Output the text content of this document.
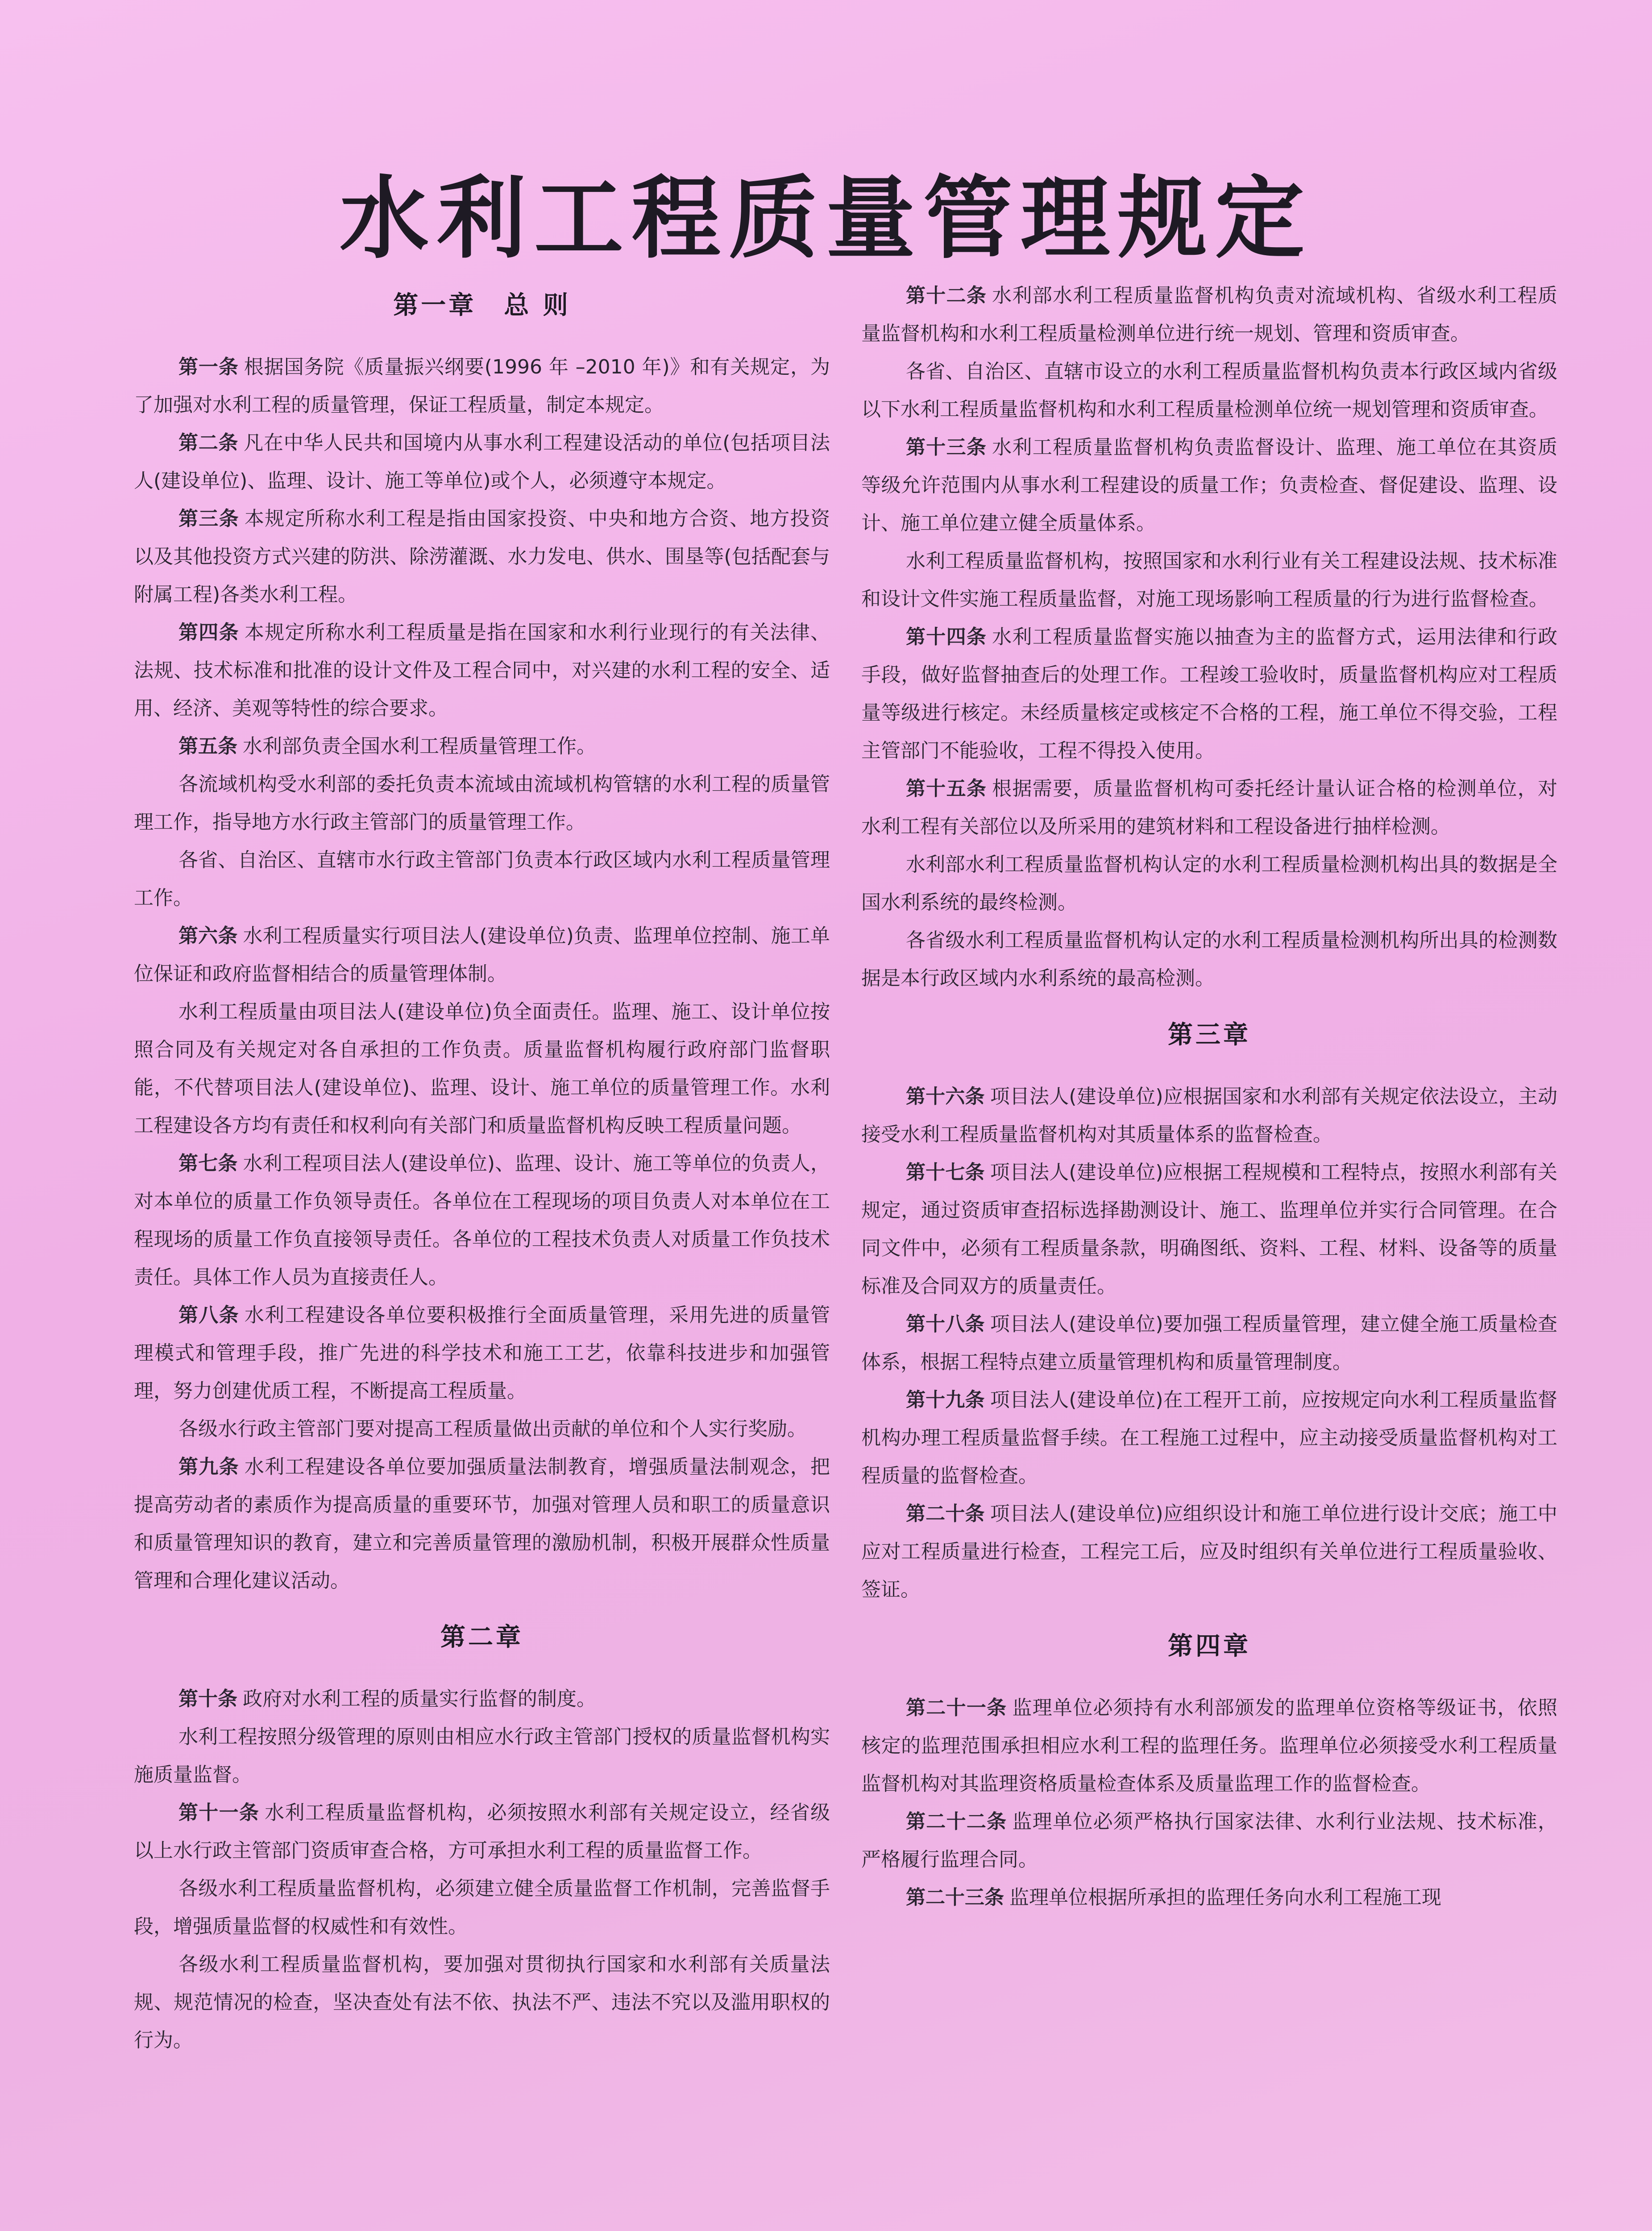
水利工程质量管理规定
第一章　总 则

第一条 根据国务院《质量振兴纲要(1996 年 –2010 年)》和有关规定，为了加强对水利工程的质量管理，保证工程质量，制定本规定。

第二条 凡在中华人民共和国境内从事水利工程建设活动的单位(包括项目法人(建设单位)、监理、设计、施工等单位)或个人，必须遵守本规定。

第三条 本规定所称水利工程是指由国家投资、中央和地方合资、地方投资以及其他投资方式兴建的防洪、除涝灌溉、水力发电、供水、围垦等(包括配套与附属工程)各类水利工程。

第四条 本规定所称水利工程质量是指在国家和水利行业现行的有关法律、法规、技术标准和批准的设计文件及工程合同中，对兴建的水利工程的安全、适用、经济、美观等特性的综合要求。

第五条 水利部负责全国水利工程质量管理工作。

各流域机构受水利部的委托负责本流域由流域机构管辖的水利工程的质量管理工作，指导地方水行政主管部门的质量管理工作。

各省、自治区、直辖市水行政主管部门负责本行政区域内水利工程质量管理工作。

第六条 水利工程质量实行项目法人(建设单位)负责、监理单位控制、施工单位保证和政府监督相结合的质量管理体制。

水利工程质量由项目法人(建设单位)负全面责任。监理、施工、设计单位按照合同及有关规定对各自承担的工作负责。质量监督机构履行政府部门监督职能，不代替项目法人(建设单位)、监理、设计、施工单位的质量管理工作。水利工程建设各方均有责任和权利向有关部门和质量监督机构反映工程质量问题。

第七条 水利工程项目法人(建设单位)、监理、设计、施工等单位的负责人，对本单位的质量工作负领导责任。各单位在工程现场的项目负责人对本单位在工程现场的质量工作负直接领导责任。各单位的工程技术负责人对质量工作负技术责任。具体工作人员为直接责任人。

第八条 水利工程建设各单位要积极推行全面质量管理，采用先进的质量管理模式和管理手段，推广先进的科学技术和施工工艺，依靠科技进步和加强管理，努力创建优质工程，不断提高工程质量。

各级水行政主管部门要对提高工程质量做出贡献的单位和个人实行奖励。

第九条 水利工程建设各单位要加强质量法制教育，增强质量法制观念，把提高劳动者的素质作为提高质量的重要环节，加强对管理人员和职工的质量意识和质量管理知识的教育，建立和完善质量管理的激励机制，积极开展群众性质量管理和合理化建议活动。

第二章

第十条 政府对水利工程的质量实行监督的制度。

水利工程按照分级管理的原则由相应水行政主管部门授权的质量监督机构实施质量监督。

第十一条 水利工程质量监督机构，必须按照水利部有关规定设立，经省级以上水行政主管部门资质审查合格，方可承担水利工程的质量监督工作。

各级水利工程质量监督机构，必须建立健全质量监督工作机制，完善监督手段，增强质量监督的权威性和有效性。

各级水利工程质量监督机构，要加强对贯彻执行国家和水利部有关质量法规、规范情况的检查，坚决查处有法不依、执法不严、违法不究以及滥用职权的行为。

第十二条 水利部水利工程质量监督机构负责对流域机构、省级水利工程质量监督机构和水利工程质量检测单位进行统一规划、管理和资质审查。

各省、自治区、直辖市设立的水利工程质量监督机构负责本行政区域内省级以下水利工程质量监督机构和水利工程质量检测单位统一规划管理和资质审查。

第十三条 水利工程质量监督机构负责监督设计、监理、施工单位在其资质等级允许范围内从事水利工程建设的质量工作；负责检查、督促建设、监理、设计、施工单位建立健全质量体系。

水利工程质量监督机构，按照国家和水利行业有关工程建设法规、技术标准和设计文件实施工程质量监督，对施工现场影响工程质量的行为进行监督检查。

第十四条 水利工程质量监督实施以抽查为主的监督方式，运用法律和行政手段，做好监督抽查后的处理工作。工程竣工验收时，质量监督机构应对工程质量等级进行核定。未经质量核定或核定不合格的工程，施工单位不得交验，工程主管部门不能验收，工程不得投入使用。

第十五条 根据需要，质量监督机构可委托经计量认证合格的检测单位，对水利工程有关部位以及所采用的建筑材料和工程设备进行抽样检测。

水利部水利工程质量监督机构认定的水利工程质量检测机构出具的数据是全国水利系统的最终检测。

各省级水利工程质量监督机构认定的水利工程质量检测机构所出具的检测数据是本行政区域内水利系统的最高检测。

第三章

第十六条 项目法人(建设单位)应根据国家和水利部有关规定依法设立，主动接受水利工程质量监督机构对其质量体系的监督检查。

第十七条 项目法人(建设单位)应根据工程规模和工程特点，按照水利部有关规定，通过资质审查招标选择勘测设计、施工、监理单位并实行合同管理。在合同文件中，必须有工程质量条款，明确图纸、资料、工程、材料、设备等的质量标准及合同双方的质量责任。

第十八条 项目法人(建设单位)要加强工程质量管理，建立健全施工质量检查体系，根据工程特点建立质量管理机构和质量管理制度。

第十九条 项目法人(建设单位)在工程开工前，应按规定向水利工程质量监督机构办理工程质量监督手续。在工程施工过程中，应主动接受质量监督机构对工程质量的监督检查。

第二十条 项目法人(建设单位)应组织设计和施工单位进行设计交底；施工中应对工程质量进行检查，工程完工后，应及时组织有关单位进行工程质量验收、签证。

第四章

第二十一条 监理单位必须持有水利部颁发的监理单位资格等级证书，依照核定的监理范围承担相应水利工程的监理任务。监理单位必须接受水利工程质量监督机构对其监理资格质量检查体系及质量监理工作的监督检查。

第二十二条 监理单位必须严格执行国家法律、水利行业法规、技术标准，严格履行监理合同。

第二十三条 监理单位根据所承担的监理任务向水利工程施工现
